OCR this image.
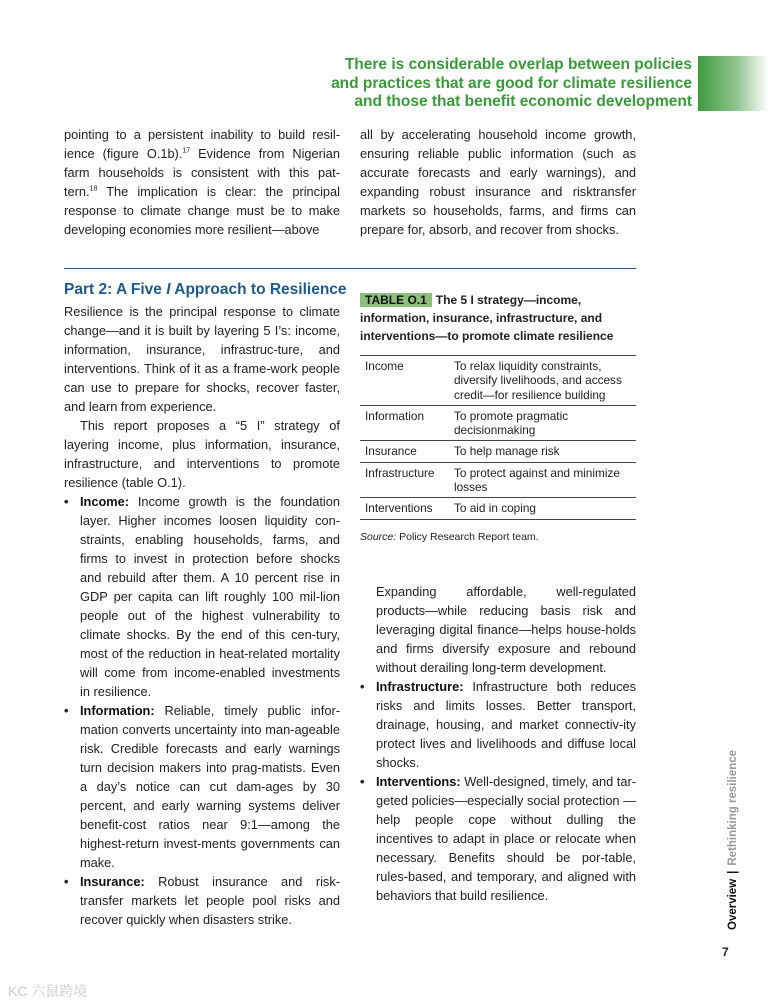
There is considerable overlap between policies
and practices that are good for climate resilience
and those that benefit economic development

pointing to a persistent inability to build resil- ience (figure O.1b).$^{17}$ Evidence from Nigerian farm households is consistent with this pat-tern.$^{18}$ The implication is clear: the principal response to climate change must be to make developing economies more resilient—above

all by accelerating household income growth, ensuring reliable public information (such as accurate forecasts and early warnings), and expanding robust insurance and risktransfer markets so households, farms, and firms can prepare for, absorb, and recover from shocks.

Part 2: A Five I Approach to Resilience

Resilience is the principal response to climate change—and it is built by layering 5 I’s: income, information, insurance, infrastruc-ture, and interventions. Think of it as a frame-work people can use to prepare for shocks, recover faster, and learn from experience.

This report proposes a “5 I” strategy of layering income, plus information, insurance, infrastructure, and interventions to promote resilience (table O.1).

• Income: Income growth is the foundation layer. Higher incomes loosen liquidity con-straints, enabling households, farms, and firms to invest in protection before shocks and rebuild after them. A 10 percent rise in GDP per capita can lift roughly 100 mil-lion people out of the highest vulnerability to climate shocks. By the end of this cen-tury, most of the reduction in heat-related mortality will come from income-enabled investments in resilience.
• Information: Reliable, timely public infor-mation converts uncertainty into man-ageable risk. Credible forecasts and early warnings turn decision makers into prag-matists. Even a day’s notice can cut dam-ages by 30 percent, and early warning systems deliver benefit-cost ratios near 9:1—among the highest-return invest-ments governments can make.
• Insurance: Robust insurance and risk-transfer markets let people pool risks and recover quickly when disasters strike.
TABLE O.1 The 5 I strategy—income, information, insurance, infrastructure, and interventions—to promote climate resilience
Income	To relax liquidity constraints, diversify livelihoods, and access credit—for resilience building
Information	To promote pragmatic decisionmaking
Insurance	To help manage risk
Infrastructure	To protect against and minimize losses
Interventions	To aid in coping

Source: Policy Research Report team.

Expanding affordable, well-regulated products—while reducing basis risk and leveraging digital finance—helps house-holds and firms diversify exposure and rebound without derailing long-term development.

• Infrastructure: Infrastructure both reduces risks and limits losses. Better transport, drainage, housing, and market connectiv-ity protect lives and livelihoods and diffuse local shocks.
• Interventions: Well-designed, timely, and tar-geted policies—especially social protection —help people cope without dulling the incentives to adapt in place or relocate when necessary. Benefits should be por-table, rules-based, and temporary, and aligned with behaviors that build resilience.	Overview|Rethinking resilience

7

KC 六鼠跨境
